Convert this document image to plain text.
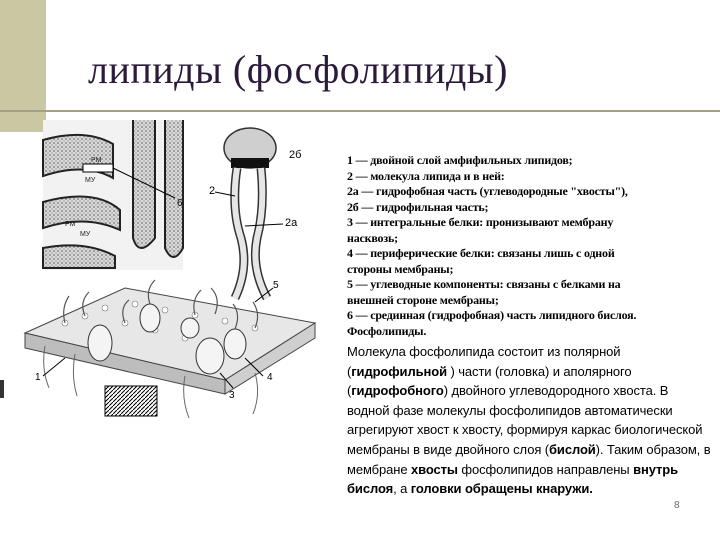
липиды (фосфолипиды)
РМ
МУ
РМ
МУ
6
2б
2
2а
1
3
4
5
1 — двойной слой амфифильных липидов;
2 — молекула липида и в ней:
2а — гидрофобная часть (углеводородные "хвосты"),
2б — гидрофильная часть;
3 — интегральные белки: пронизывают мембрану
насквозь;
4 — периферические белки: связаны лишь с одной
стороны мембраны;
5 — углеводные компоненты: связаны с белками на
внешней стороне мембраны;
6 — срединная (гидрофобная) часть липидного бислоя.
Фосфолипиды.
Молекула фосфолипида состоит из полярной (гидрофильной ) части (головка) и аполярного (гидрофобного) двойного углеводородного хвоста. В водной фазе молекулы фосфолипидов автоматически агрегируют хвост к хвосту, формируя каркас биологической мембраны в виде двойного слоя (бислой). Таким образом, в мембране хвосты фосфолипидов направлены внутрь бислоя, а головки обращены кнаружи.
8
